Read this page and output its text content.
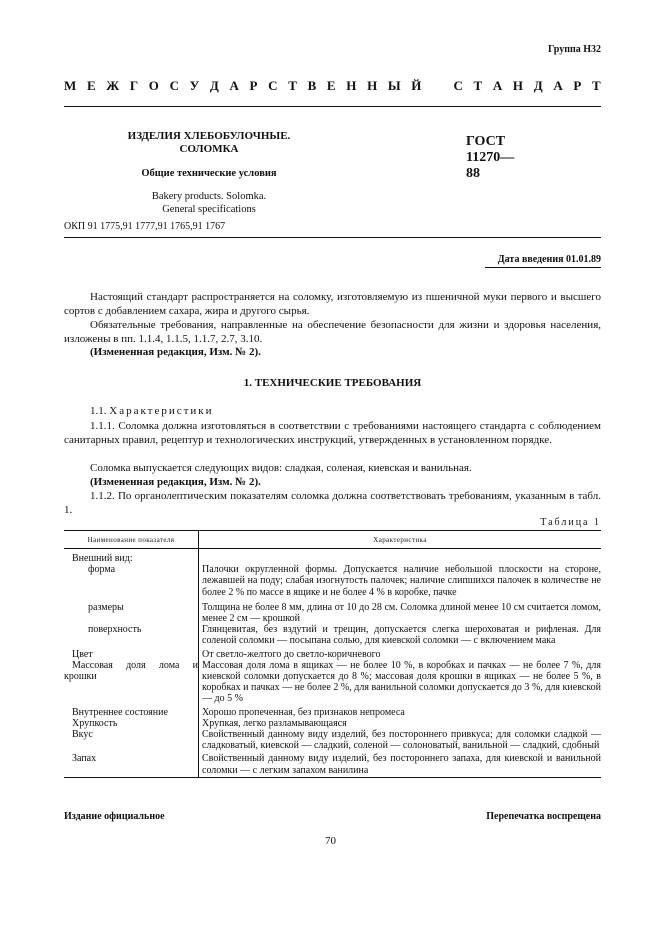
Группа Н32
М Е Ж Г О С У Д А Р С Т В Е Н Н Ы Й С Т А Н Д А Р Т
ИЗДЕЛИЯ ХЛЕБОБУЛОЧНЫЕ.
СОЛОМКА
Общие технические условия
Bakery products. Solomka.
General specifications
ГОСТ
11270—88
ОКП 91 1775,91 1777,91 1765,91 1767
Дата введения 01.01.89

Настоящий стандарт распространяется на соломку, изготовляемую из пшеничной муки первого и высшего сортов с добавлением сахара, жира и другого сырья.

Обязательные требования, направленные на обеспечение безопасности для жизни и здоровья населения, изложены в пп. 1.1.4, 1.1.5, 1.1.7, 2.7, 3.10.

(Измененная редакция, Изм. № 2).

1. ТЕХНИЧЕСКИЕ ТРЕБОВАНИЯ

1.1. Характеристики

1.1.1. Соломка должна изготовляться в соответствии с требованиями настоящего стандарта с соблюдением санитарных правил, рецептур и технологических инструкций, утвержденных в установленном порядке.

Соломка выпускается следующих видов: сладкая, соленая, киевская и ванильная.

(Измененная редакция, Изм. № 2).

1.1.2. По органолептическим показателям соломка должна соответствовать требованиям, указанным в табл. 1.

Таблица 1
Наименование показателя	Характеристика
Внешний вид:	
форма	Палочки округленной формы. Допускается наличие небольшой плоскости на стороне, лежавшей на поду; слабая изогнутость палочек; наличие слипшихся палочек в количестве не более 2 % по массе в ящике и не более 4 % в коробке, пачке
размеры	Толщина не более 8 мм, длина от 10 до 28 см. Соломка длиной менее 10 см считается ломом, менее 2 см — крошкой
поверхность	Глянцевитая, без вздутий и трещин, допускается слегка шероховатая и рифленая. Для соленой соломки — посыпана солью, для киевской соломки — с включением мака
Цвет	От светло-желтого до светло-коричневого
Массовая доля лома и крошки	Массовая доля лома в ящиках — не более 10 %, в коробках и пачках — не более 7 %, для киевской соломки допускается до 8 %; массовая доля крошки в ящиках — не более 5 %, в коробках и пачках — не более 2 %, для ванильной соломки допускается до 3 %, для киевской — до 5 %
Внутреннее состояние	Хорошо пропеченная, без признаков непромеса
Хрупкость	Хрупкая, легко разламывающаяся
Вкус	Свойственный данному виду изделий, без постороннего привкуса; для соломки сладкой — сладковатый, киевской — сладкий, соленой — солоноватый, ванильной — сладкий, сдобный
Запах	Свойственный данному виду изделий, без постороннего запаха, для киевской и ванильной соломки — с легким запахом ванилина
Издание официальное	Перепечатка воспрещена
70
